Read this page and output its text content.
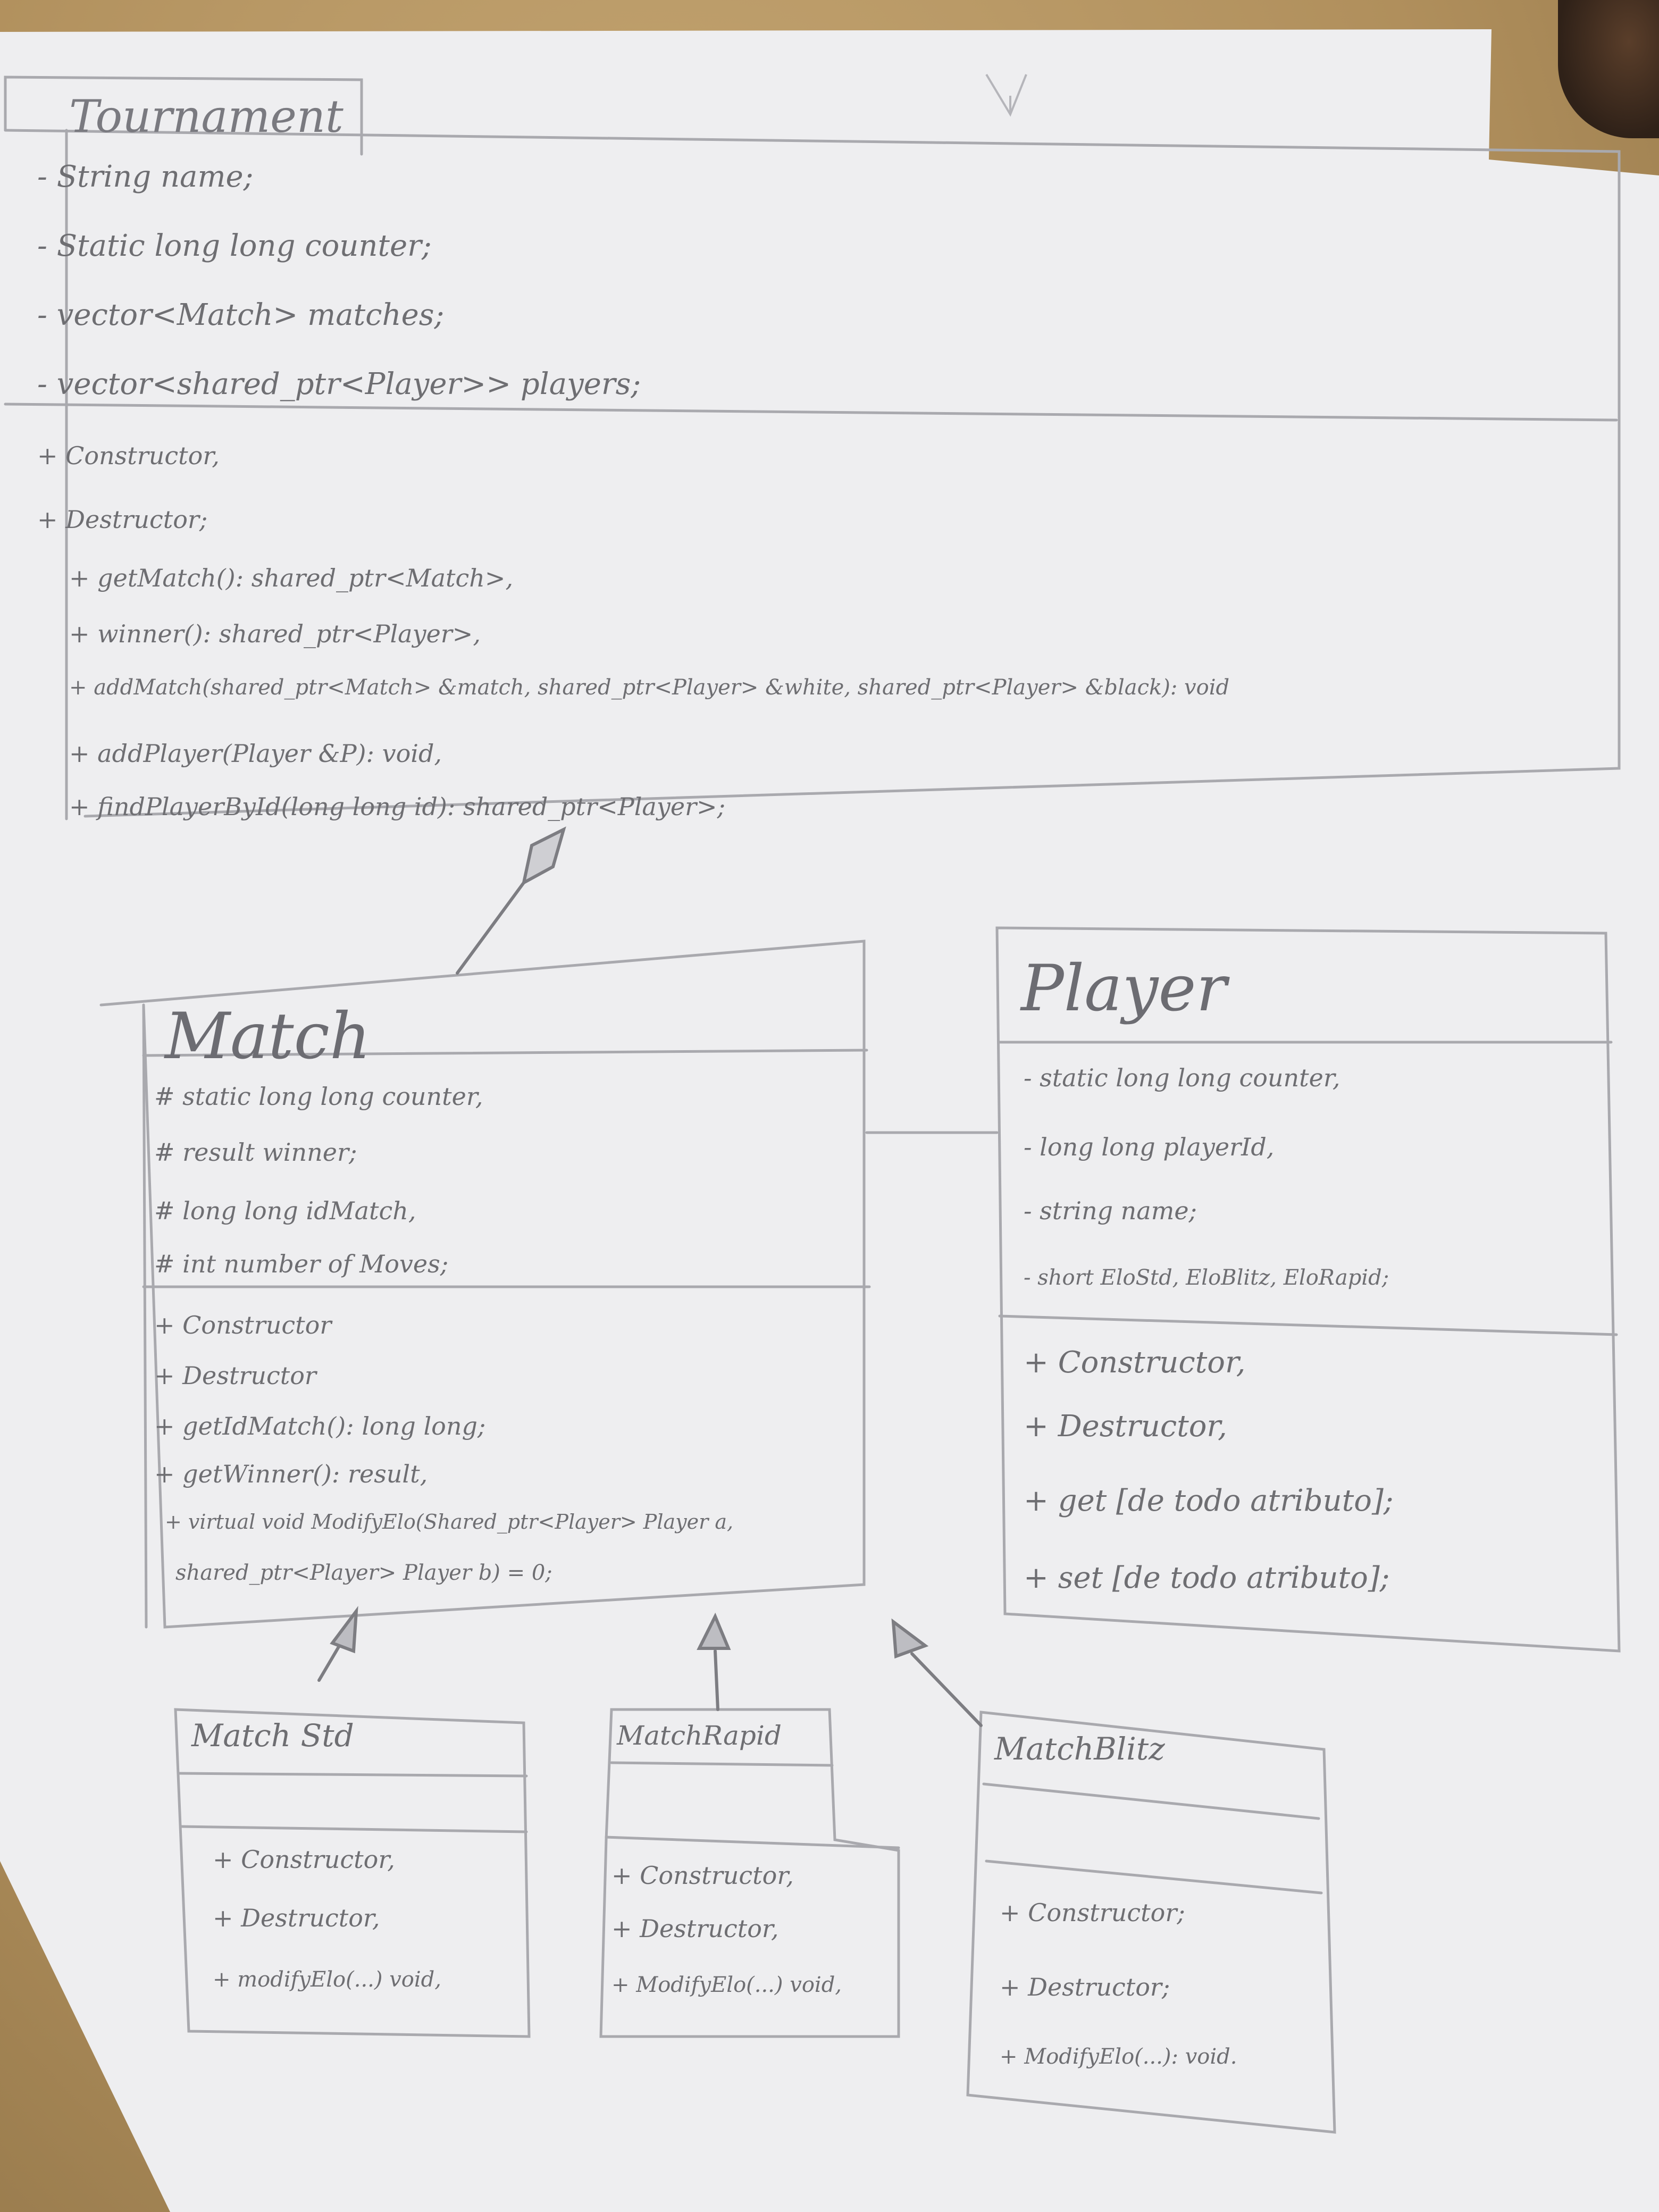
Tournament
- String name;
- Static long long counter;
- vector<Match> matches;
- vector<shared_ptr<Player>> players;
+ Constructor,
+ Destructor;
+ getMatch(): shared_ptr<Match>,
+ winner(): shared_ptr<Player>,
+ addMatch(shared_ptr<Match> &match, shared_ptr<Player> &white, shared_ptr<Player> &black): void
+ addPlayer(Player &P): void,
+ findPlayerById(long long id): shared_ptr<Player>;
Match
# static long long counter,
# result winner;
# long long idMatch,
# int number of Moves;
+ Constructor
+ Destructor
+ getIdMatch(): long long;
+ getWinner(): result,
+ virtual void ModifyElo(Shared_ptr<Player> Player a,
shared_ptr<Player> Player b) = 0;
Player
- static long long counter,
- long long playerId,
- string name;
- short EloStd, EloBlitz, EloRapid;
+ Constructor,
+ Destructor,
+ get [de todo atributo];
+ set [de todo atributo];
Match Std
+ Constructor,
+ Destructor,
+ modifyElo(...) void,
MatchRapid
+ Constructor,
+ Destructor,
+ ModifyElo(...) void,
MatchBlitz
+ Constructor;
+ Destructor;
+ ModifyElo(...): void.
